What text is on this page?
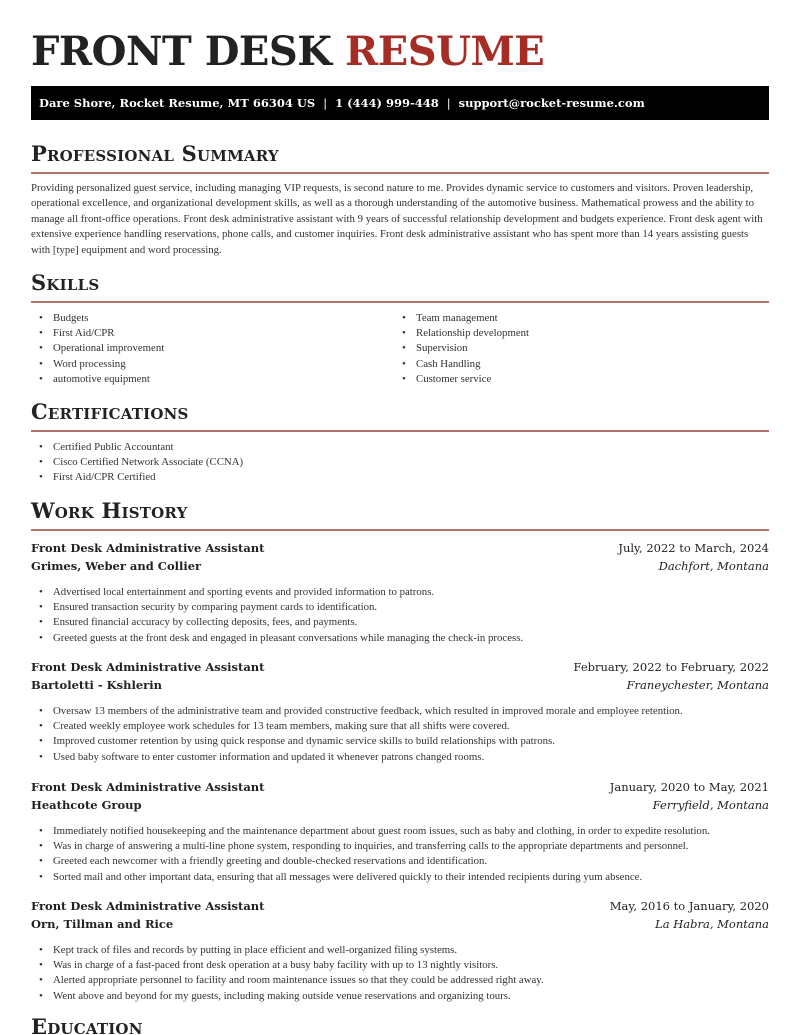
FRONT DESK RESUME
Dare Shore, Rocket Resume, MT 66304 US | 1 (444) 999-448 | support@rocket-resume.com
Professional Summary

Providing personalized guest service, including managing VIP requests, is second nature to me. Provides dynamic service to customers and visitors. Proven leadership, operational excellence, and organizational development skills, as well as a thorough understanding of the automotive business. Mathematical prowess and the ability to manage all front-office operations. Front desk administrative assistant with 9 years of successful relationship development and budgets experience. Front desk agent with extensive experience handling reservations, phone calls, and customer inquiries. Front desk administrative assistant who has spent more than 14 years assisting guests with [type] equipment and word processing.

Skills
• Budgets
• First Aid/CPR
• Operational improvement
• Word processing
• automotive equipment
• Team management
• Relationship development
• Supervision
• Cash Handling
• Customer service
Certifications
• Certified Public Accountant
• Cisco Certified Network Associate (CCNA)
• First Aid/CPR Certified
Work History
Front Desk Administrative Assistant	July, 2022 to March, 2024
Grimes, Weber and Collier	Dachfort, Montana
• Advertised local entertainment and sporting events and provided information to patrons.
• Ensured transaction security by comparing payment cards to identification.
• Ensured financial accuracy by collecting deposits, fees, and payments.
• Greeted guests at the front desk and engaged in pleasant conversations while managing the check-in process.
Front Desk Administrative Assistant	February, 2022 to February, 2022
Bartoletti - Kshlerin	Franeychester, Montana
• Oversaw 13 members of the administrative team and provided constructive feedback, which resulted in improved morale and employee retention.
• Created weekly employee work schedules for 13 team members, making sure that all shifts were covered.
• Improved customer retention by using quick response and dynamic service skills to build relationships with patrons.
• Used baby software to enter customer information and updated it whenever patrons changed rooms.
Front Desk Administrative Assistant	January, 2020 to May, 2021
Heathcote Group	Ferryfield, Montana
• Immediately notified housekeeping and the maintenance department about guest room issues, such as baby and clothing, in order to expedite resolution.
• Was in charge of answering a multi-line phone system, responding to inquiries, and transferring calls to the appropriate departments and personnel.
• Greeted each newcomer with a friendly greeting and double-checked reservations and identification.
• Sorted mail and other important data, ensuring that all messages were delivered quickly to their intended recipients during yum absence.
Front Desk Administrative Assistant	May, 2016 to January, 2020
Orn, Tillman and Rice	La Habra, Montana
• Kept track of files and records by putting in place efficient and well-organized filing systems.
• Was in charge of a fast-paced front desk operation at a busy baby facility with up to 13 nightly visitors.
• Alerted appropriate personnel to facility and room maintenance issues so that they could be addressed right away.
• Went above and beyond for my guests, including making outside venue reservations and organizing tours.
Education
